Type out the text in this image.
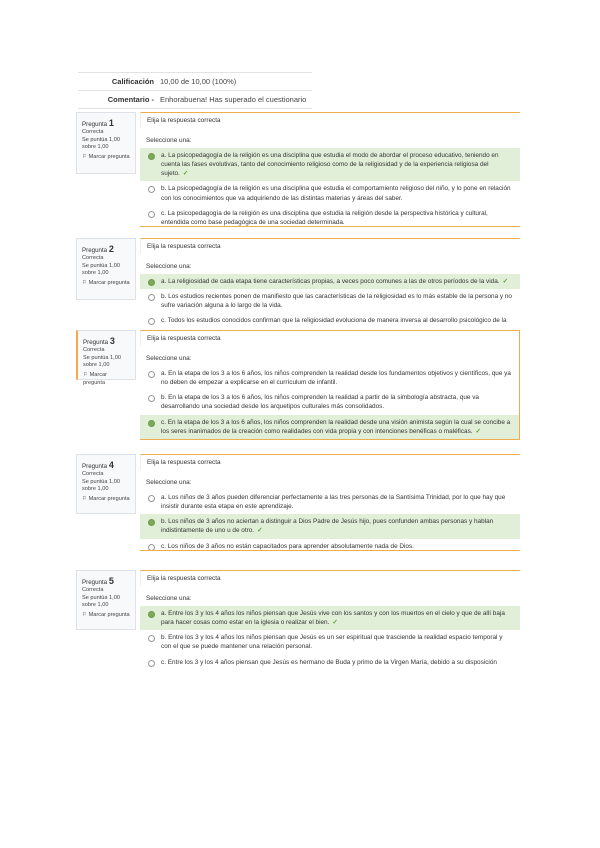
Calificación 10,00 de 10,00 (100%)
Comentario - Enhorabuena! Has superado el cuestionario
Pregunta 1
Correcta
Se puntúa 1,00 sobre 1,00
⚐ Marcar pregunta
Elija la respuesta correcta
Seleccione una:
a. La psicopedagogía de la religión es una disciplina que estudia el modo de abordar el proceso educativo, teniendo en cuenta las fases evolutivas, tanto del conocimiento religioso como de la religiosidad y de la experiencia religiosa del sujeto. ✓
b. La psicopedagogía de la religión es una disciplina que estudia el comportamiento religioso del niño, y lo pone en relación con los conocimientos que va adquiriendo de las distintas materias y áreas del saber.
c. La psicopedagogía de la religión es una disciplina que estudia la religión desde la perspectiva histórica y cultural, entendida como base pedagógica de una sociedad determinada.
Pregunta 2
Correcta
Se puntúa 1,00 sobre 1,00
⚐ Marcar pregunta
Elija la respuesta correcta
Seleccione una:
a. La religiosidad de cada etapa tiene características propias, a veces poco comunes a las de otros períodos de la vida. ✓
b. Los estudios recientes ponen de manifiesto que las características de la religiosidad es lo más estable de la persona y no sufre variación alguna a lo largo de la vida.
c. Todos los estudios conocidos confirman que la religiosidad evoluciona de manera inversa al desarrollo psicológico de la
Pregunta 3
Correcta
Se puntúa 1,00 sobre 1,00
⚐ Marcar pregunta
Elija la respuesta correcta
Seleccione una:
a. En la etapa de los 3 a los 6 años, los niños comprenden la realidad desde los fundamentos objetivos y científicos, que ya no deben de empezar a explicarse en el currículum de infantil.
b. En la etapa de los 3 a los 6 años, los niños comprenden la realidad a partir de la simbología abstracta, que va desarrollando una sociedad desde los arquetipos culturales más consolidados.
c. En la etapa de los 3 a los 6 años, los niños comprenden la realidad desde una visión animista según la cual se concibe a los seres inanimados de la creación como realidades con vida propia y con intenciones benéficas o maléficas. ✓
Pregunta 4
Correcta
Se puntúa 1,00 sobre 1,00
⚐ Marcar pregunta
Elija la respuesta correcta
Seleccione una:
a. Los niños de 3 años pueden diferenciar perfectamente a las tres personas de la Santísima Trinidad, por lo que hay que insistir durante esta etapa en este aprendizaje.
b. Los niños de 3 años no aciertan a distinguir a Dios Padre de Jesús hijo, pues confunden ambas personas y hablan indistintamente de uno u de otro. ✓
c. Los niños de 3 años no están capacitados para aprender absolutamente nada de Dios.
Pregunta 5
Correcta
Se puntúa 1,00 sobre 1,00
⚐ Marcar pregunta
Elija la respuesta correcta
Seleccione una:
a. Entre los 3 y los 4 años los niños piensan que Jesús vive con los santos y con los muertos en el cielo y que de allí baja para hacer cosas como estar en la iglesia o realizar el bien. ✓
b. Entre los 3 y los 4 años los niños piensan que Jesús es un ser espiritual que trasciende la realidad espacio temporal y con el que se puede mantener una relación personal.
c. Entre los 3 y los 4 años piensan que Jesús es hermano de Buda y primo de la Virgen María, debido a su disposición
